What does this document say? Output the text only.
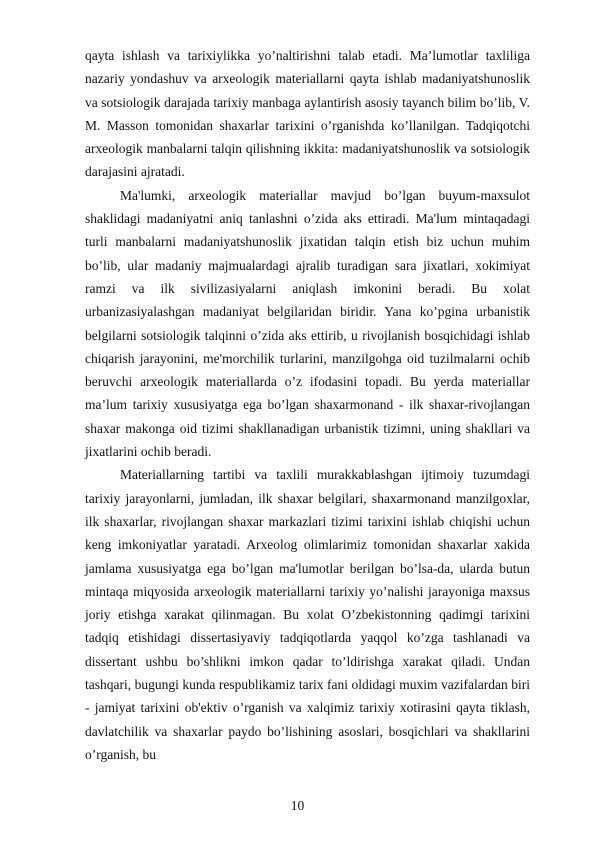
qayta ishlash va tarixiylikka yo’naltirishni talab etadi. Ma’lumotlar taxliliga nazariy yondashuv va arxeologik materiallarni qayta ishlab madaniyatshunoslik va sotsiologik darajada tarixiy manbaga aylantirish asosiy tayanch bilim bo’lib, V. M. Masson tomonidan shaxarlar tarixini o’rganishda ko’llanilgan. Tadqiqotchi arxeologik manbalarni talqin qilishning ikkita: madaniyatshunoslik va sotsiologik darajasini ajratadi.

Ma'lumki, arxeologik materiallar mavjud bo’lgan buyum-maxsulot shaklidagi madaniyatni aniq tanlashni o’zida aks ettiradi. Ma'lum mintaqadagi turli manbalarni madaniyatshunoslik jixatidan talqin etish biz uchun muhim bo’lib, ular madaniy majmualardagi ajralib turadigan sara jixatlari, xokimiyat ramzi va ilk sivilizasiyalarni aniqlash imkonini beradi. Bu xolat urbanizasiyalashgan madaniyat belgilaridan biridir. Yana ko’pgina urbanistik belgilarni sotsiologik talqinni o’zida aks ettirib, u rivojlanish bosqichidagi ishlab chiqarish jarayonini, me'morchilik turlarini, manzilgohga oid tuzilmalarni ochib beruvchi arxeologik materiallarda o’z ifodasini topadi. Bu yerda materiallar ma’lum tarixiy xususiyatga ega bo’lgan shaxarmonand - ilk shaxar-rivojlangan shaxar makonga oid tizimi shakllanadigan urbanistik tizimni, uning shakllari va jixatlarini ochib beradi.

Materiallarning tartibi va taxlili murakkablashgan ijtimoiy tuzumdagi tarixiy jarayonlarni, jumladan, ilk shaxar belgilari, shaxarmonand manzilgoxlar, ilk shaxarlar, rivojlangan shaxar markazlari tizimi tarixini ishlab chiqishi uchun keng imkoniyatlar yaratadi. Arxeolog olimlarimiz tomonidan shaxarlar xakida jamlama xususiyatga ega bo’lgan ma'lumotlar berilgan bo’lsa-da, ularda butun mintaqa miqyosida arxeologik materiallarni tarixiy yo’nalishi jarayoniga maxsus joriy etishga xarakat qilinmagan. Bu xolat O’zbekistonning qadimgi tarixini tadqiq etishidagi dissertasiyaviy tadqiqotlarda yaqqol ko’zga tashlanadi va dissertant ushbu bo’shlikni imkon qadar to’ldirishga xarakat qiladi. Undan tashqari, bugungi kunda respublikamiz tarix fani oldidagi muxim vazifalardan biri - jamiyat tarixini ob'ektiv o’rganish va xalqimiz tarixiy xotirasini qayta tiklash, davlatchilik va shaxarlar paydo bo’lishining asoslari, bosqichlari va shakllarini o’rganish, bu

10
